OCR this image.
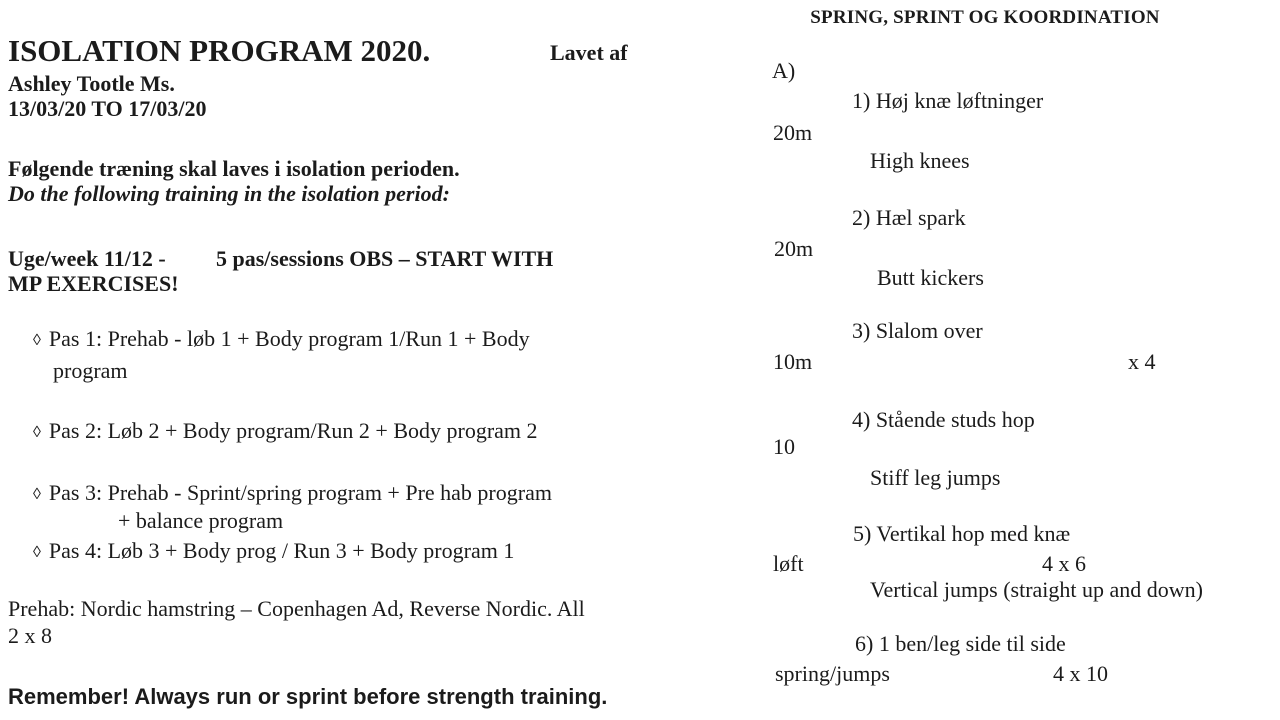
ISOLATION PROGRAM 2020.	Lavet af
Ashley Tootle Ms.
13/03/20 TO 17/03/20
Følgende træning skal laves i isolation perioden.
Do the following training in the isolation period:
Uge/week 11/12 - 5 pas/sessions OBS – START WITH
MP EXERCISES!
◊ Pas 1: Prehab - løb 1 + Body program 1/Run 1 + Body
program
◊ Pas 2: Løb 2 + Body program/Run 2 + Body program 2
◊ Pas 3: Prehab - Sprint/spring program + Pre hab program
+ balance program
◊ Pas 4: Løb 3 + Body prog / Run 3 + Body program 1
Prehab: Nordic hamstring – Copenhagen Ad, Reverse Nordic. All
2 x 8
Remember! Always run or sprint before strength training.
SPRING, SPRINT OG KOORDINATION
A)
1) Høj knæ løftninger
20m
High knees
2) Hæl spark
20m
Butt kickers
3) Slalom over
10m	x 4
4) Stående studs hop
10
Stiff leg jumps
5) Vertikal hop med knæ
løft	4 x 6
Vertical jumps (straight up and down)
6) 1 ben/leg side til side
spring/jumps	4 x 10
